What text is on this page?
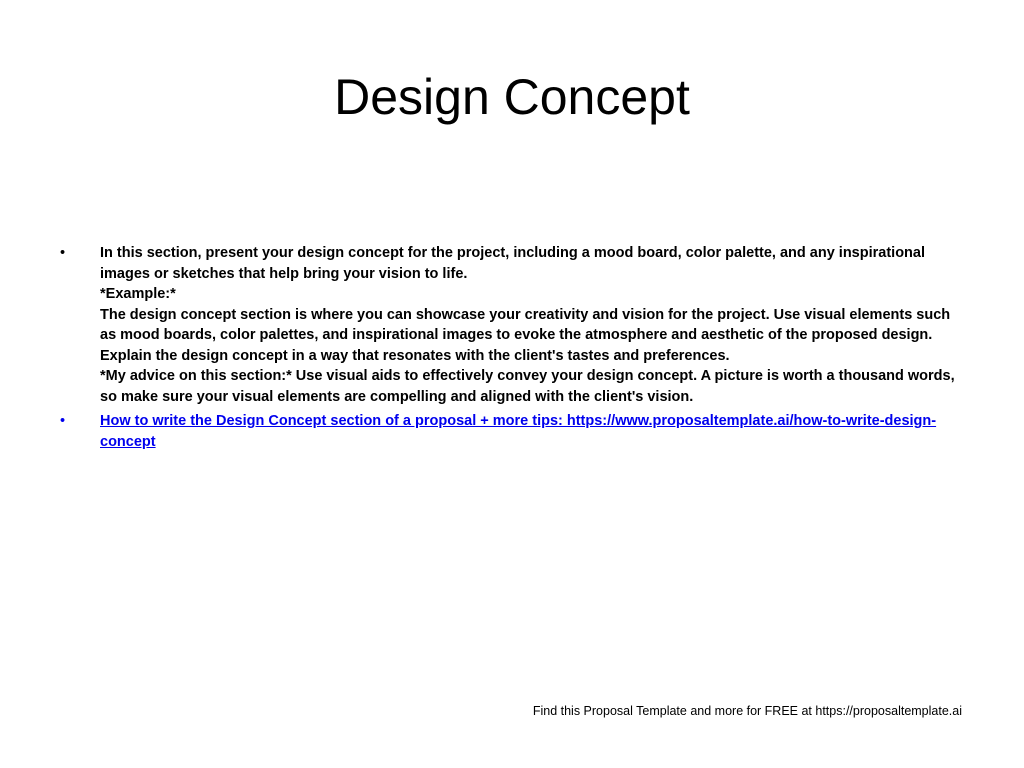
Design Concept
• In this section, present your design concept for the project, including a mood board, color palette, and any inspirational images or sketches that help bring your vision to life.
*Example:*
The design concept section is where you can showcase your creativity and vision for the project. Use visual elements such as mood boards, color palettes, and inspirational images to evoke the atmosphere and aesthetic of the proposed design. Explain the design concept in a way that resonates with the client's tastes and preferences.
*My advice on this section:* Use visual aids to effectively convey your design concept. A picture is worth a thousand words, so make sure your visual elements are compelling and aligned with the client's vision.
• How to write the Design Concept section of a proposal + more tips: https://www.proposaltemplate.ai/how-to-write-design-concept
Find this Proposal Template and more for FREE at https://proposaltemplate.ai
